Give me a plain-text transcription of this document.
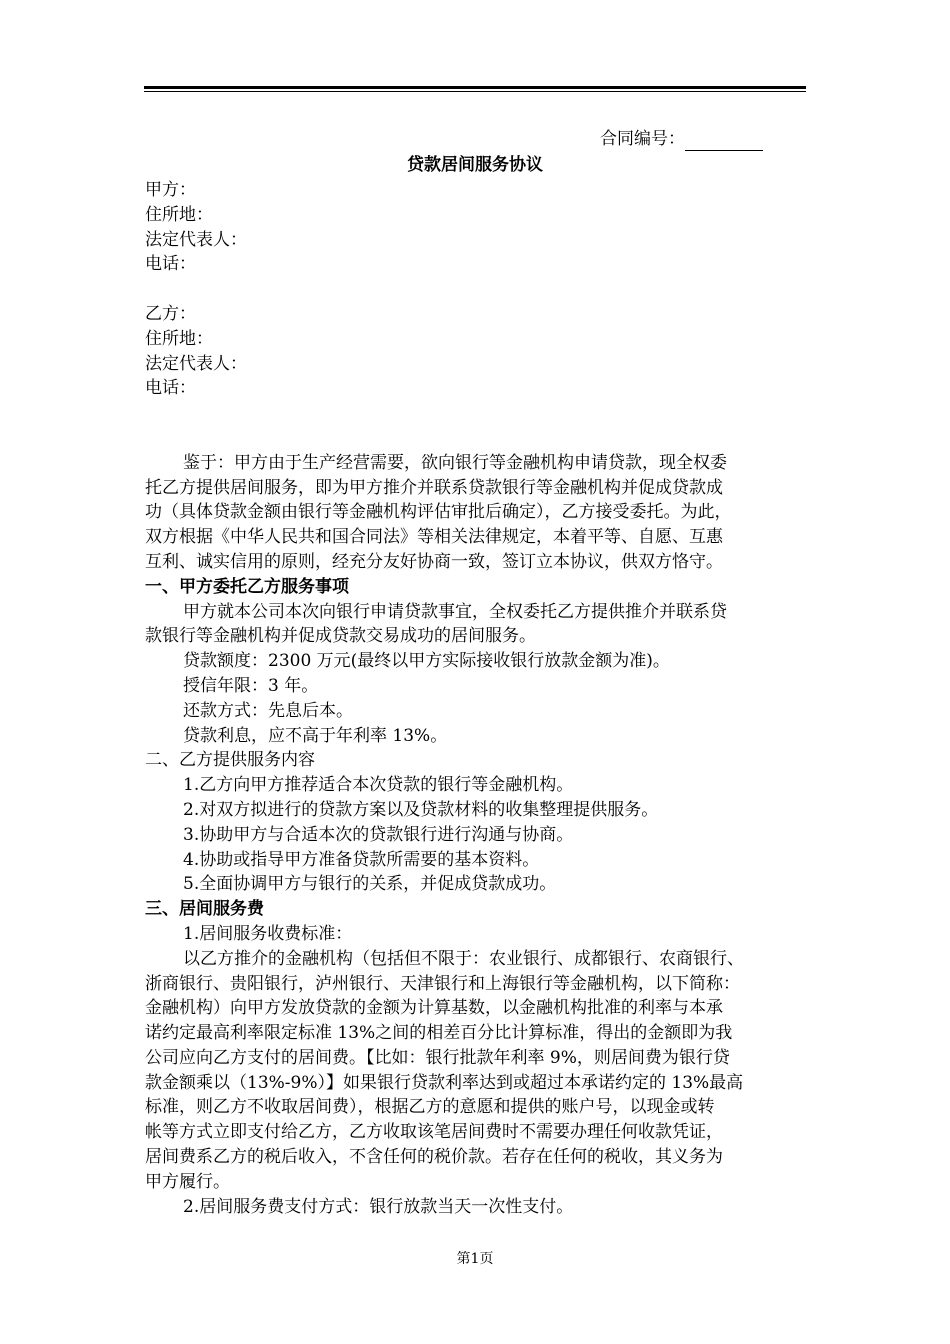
合同编号：
贷款居间服务协议
甲方：
住所地：
法定代表人：
电话：
乙方：
住所地：
法定代表人：
电话：
鉴于：甲方由于生产经营需要，欲向银行等金融机构申请贷款，现全权委
托乙方提供居间服务，即为甲方推介并联系贷款银行等金融机构并促成贷款成
功（具体贷款金额由银行等金融机构评估审批后确定），乙方接受委托。为此，
双方根据《中华人民共和国合同法》等相关法律规定，本着平等、自愿、互惠
互利、诚实信用的原则，经充分友好协商一致，签订立本协议，供双方恪守。
一、甲方委托乙方服务事项
甲方就本公司本次向银行申请贷款事宜，全权委托乙方提供推介并联系贷
款银行等金融机构并促成贷款交易成功的居间服务。
贷款额度：2300 万元(最终以甲方实际接收银行放款金额为准)。
授信年限：3 年。
还款方式：先息后本。
贷款利息，应不高于年利率 13%。
二、乙方提供服务内容
1.乙方向甲方推荐适合本次贷款的银行等金融机构。
2.对双方拟进行的贷款方案以及贷款材料的收集整理提供服务。
3.协助甲方与合适本次的贷款银行进行沟通与协商。
4.协助或指导甲方准备贷款所需要的基本资料。
5.全面协调甲方与银行的关系，并促成贷款成功。
三、居间服务费
1.居间服务收费标准：
以乙方推介的金融机构（包括但不限于：农业银行、成都银行、农商银行、
浙商银行、贵阳银行，泸州银行、天津银行和上海银行等金融机构，以下简称：
金融机构）向甲方发放贷款的金额为计算基数，以金融机构批准的利率与本承
诺约定最高利率限定标准 13%之间的相差百分比计算标准，得出的金额即为我
公司应向乙方支付的居间费。【比如：银行批款年利率 9%，则居间费为银行贷
款金额乘以（13%-9%）】如果银行贷款利率达到或超过本承诺约定的 13%最高
标准，则乙方不收取居间费），根据乙方的意愿和提供的账户号，以现金或转
帐等方式立即支付给乙方，乙方收取该笔居间费时不需要办理任何收款凭证，
居间费系乙方的税后收入，不含任何的税价款。若存在任何的税收，其义务为
甲方履行。
2.居间服务费支付方式：银行放款当天一次性支付。
第1页
